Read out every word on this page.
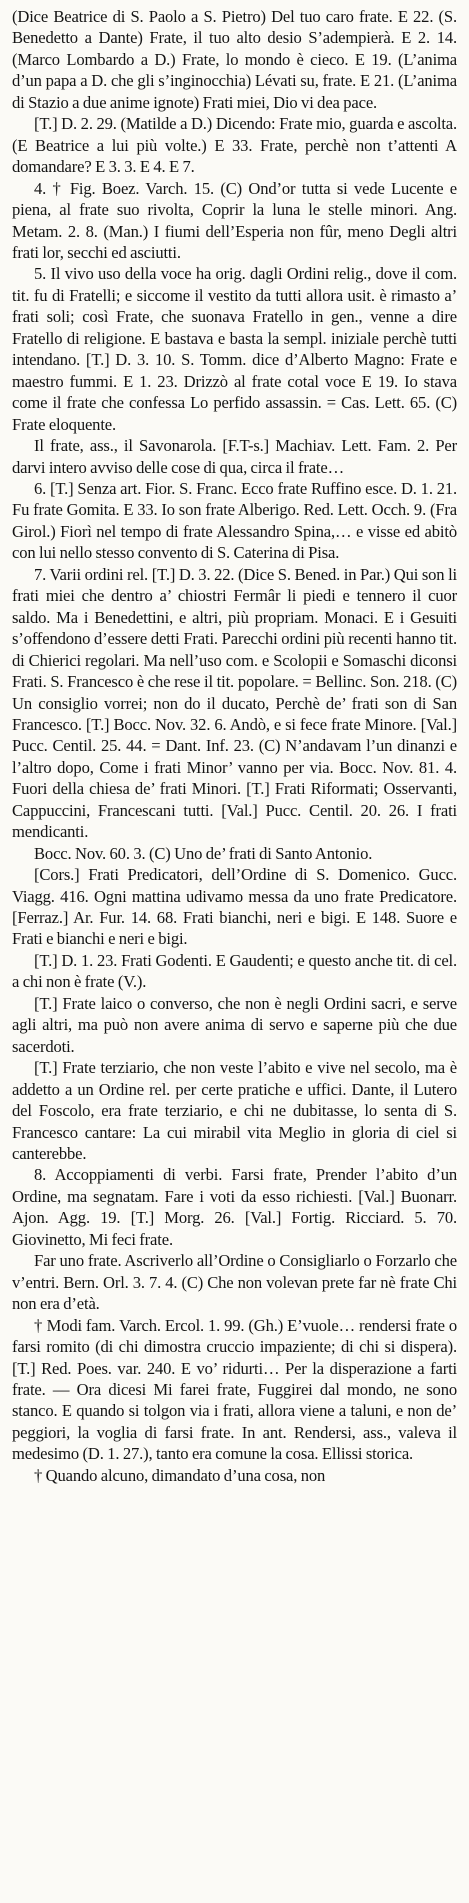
(Dice Beatrice di S. Paolo a S. Pietro) Del tuo caro frate. E 22. (S. Benedetto a Dante) Frate, il tuo alto desio S’adempierà. E 2. 14. (Marco Lombardo a D.) Frate, lo mondo è cieco. E 19. (L’anima d’un papa a D. che gli s’inginocchia) Lévati su, frate. E 21. (L’anima di Stazio a due anime ignote) Frati miei, Dio vi dea pace.

[T.] D. 2. 29. (Matilde a D.) Dicendo: Frate mio, guarda e ascolta. (E Beatrice a lui più volte.) E 33. Frate, perchè non t’attenti A domandare? E 3. 3. E 4. E 7.

4. † Fig. Boez. Varch. 15. (C) Ond’or tutta si vede Lucente e piena, al frate suo rivolta, Coprir la luna le stelle minori. Ang. Metam. 2. 8. (Man.) I fiumi dell’Esperia non fûr, meno Degli altri frati lor, secchi ed asciutti.

5. Il vivo uso della voce ha orig. dagli Ordini relig., dove il com. tit. fu di Fratelli; e siccome il vestito da tutti allora usit. è rimasto a’ frati soli; così Frate, che suonava Fratello in gen., venne a dire Fratello di religione. E bastava e basta la sempl. iniziale perchè tutti intendano. [T.] D. 3. 10. S. Tomm. dice d’Alberto Magno: Frate e maestro fummi. E 1. 23. Drizzò al frate cotal voce E 19. Io stava come il frate che confessa Lo perfido assassin. = Cas. Lett. 65. (C) Frate eloquente.

Il frate, ass., il Savonarola. [F.T-s.] Machiav. Lett. Fam. 2. Per darvi intero avviso delle cose di qua, circa il frate…

6. [T.] Senza art. Fior. S. Franc. Ecco frate Ruffino esce. D. 1. 21. Fu frate Gomita. E 33. Io son frate Alberigo. Red. Lett. Occh. 9. (Fra Girol.) Fiorì nel tempo di frate Alessandro Spina,… e visse ed abitò con lui nello stesso convento di S. Caterina di Pisa.

7. Varii ordini rel. [T.] D. 3. 22. (Dice S. Bened. in Par.) Qui son li frati miei che dentro a’ chiostri Fermâr li piedi e tennero il cuor saldo. Ma i Benedettini, e altri, più propriam. Monaci. E i Gesuiti s’offendono d’essere detti Frati. Parecchi ordini più recenti hanno tit. di Chierici regolari. Ma nell’uso com. e Scolopii e Somaschi diconsi Frati. S. Francesco è che rese il tit. popolare. = Bellinc. Son. 218. (C) Un consiglio vorrei; non do il ducato, Perchè de’ frati son di San Francesco. [T.] Bocc. Nov. 32. 6. Andò, e si fece frate Minore. [Val.] Pucc. Centil. 25. 44. = Dant. Inf. 23. (C) N’andavam l’un dinanzi e l’altro dopo, Come i frati Minor’ vanno per via. Bocc. Nov. 81. 4. Fuori della chiesa de’ frati Minori. [T.] Frati Riformati; Osservanti, Cappuccini, Francescani tutti. [Val.] Pucc. Centil. 20. 26. I frati mendicanti.

Bocc. Nov. 60. 3. (C) Uno de’ frati di Santo Antonio.

[Cors.] Frati Predicatori, dell’Ordine di S. Domenico. Gucc. Viagg. 416. Ogni mattina udivamo messa da uno frate Predicatore. [Ferraz.] Ar. Fur. 14. 68. Frati bianchi, neri e bigi. E 148. Suore e Frati e bianchi e neri e bigi.

[T.] D. 1. 23. Frati Godenti. E Gaudenti; e questo anche tit. di cel. a chi non è frate (V.).

[T.] Frate laico o converso, che non è negli Ordini sacri, e serve agli altri, ma può non avere anima di servo e saperne più che due sacerdoti.

[T.] Frate terziario, che non veste l’abito e vive nel secolo, ma è addetto a un Ordine rel. per certe pratiche e uffici. Dante, il Lutero del Foscolo, era frate terziario, e chi ne dubitasse, lo senta di S. Francesco cantare: La cui mirabil vita Meglio in gloria di ciel si canterebbe.

8. Accoppiamenti di verbi. Farsi frate, Prender l’abito d’un Ordine, ma segnatam. Fare i voti da esso richiesti. [Val.] Buonarr. Ajon. Agg. 19. [T.] Morg. 26. [Val.] Fortig. Ricciard. 5. 70. Giovinetto, Mi feci frate.

Far uno frate. Ascriverlo all’Ordine o Consigliarlo o Forzarlo che v’entri. Bern. Orl. 3. 7. 4. (C) Che non volevan prete far nè frate Chi non era d’età.

† Modi fam. Varch. Ercol. 1. 99. (Gh.) E’vuole… rendersi frate o farsi romito (di chi dimostra cruccio impaziente; di chi si dispera). [T.] Red. Poes. var. 240. E vo’ ridurti… Per la disperazione a farti frate. — Ora dicesi Mi farei frate, Fuggirei dal mondo, ne sono stanco. E quando si tolgon via i frati, allora viene a taluni, e non de’ peggiori, la voglia di farsi frate. In ant. Rendersi, ass., valeva il medesimo (D. 1. 27.), tanto era comune la cosa. Ellissi storica.

† Quando alcuno, dimandato d’una cosa, non
